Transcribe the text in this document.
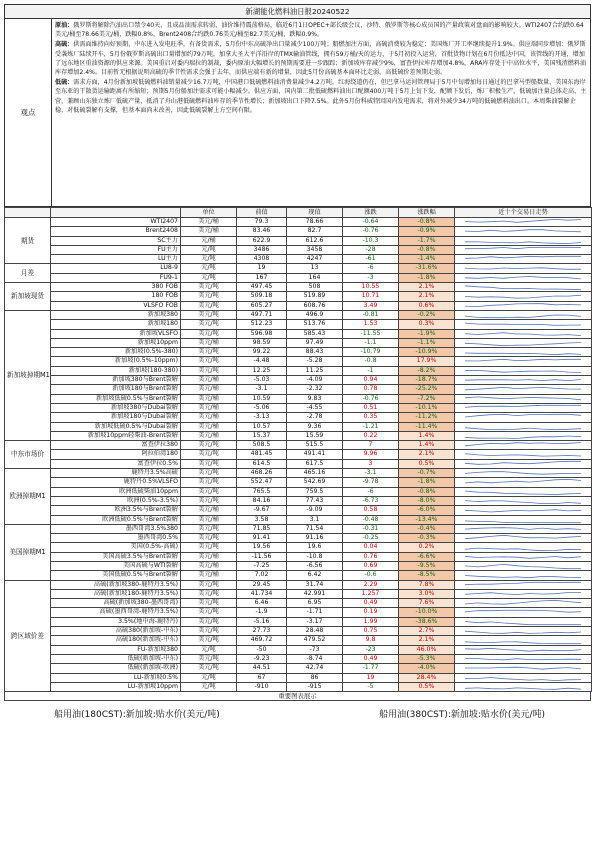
新湖能化燃料油日报20240522
观点

原油：俄罗斯将解除汽油出口禁令40天，且成品油需求转弱，油价维持震荡格局，临近6月1日OPEC+部长级会议，沙特、俄罗斯等核心成员国的产量政策对盘面的影响较大。WTI2407合约跌0.64美元/桶至78.66美元/桶，跌幅0.8%，Brent2408合约跌0.76美元/桶至82.7美元/桶，跌幅0.9%。

高硫：供需面维持向好预期，中东进入发电旺季，有备货需求，5月份中东高硫净出口量减少100万吨；船燃加注方面，高硫消费较为稳定；美国炼厂开工率继续提升1.9%。供应端同步增加：俄罗斯受袭炼厂陆续开车，5月份俄罗斯高硫出口量增加约79万吨。加拿大圣大平洋沿岸的TMX输油管线，拥有59万桶/天的运力，于5月初投入运营，首批货物计划在6月份抵达中国，该管线的开通，增加了远东地区重油资源的供应来源。美国重启对委内瑞拉的制裁，委内原油大幅增长的预期需要进一步跟踪；新加坡库存减少9%，富查伊拉库存增加4.8%，ARA库存处于中高位水平，美国残渣燃料油库存增加2.4%。目前暂无根据说明高硫的季节性需求会强于去年，而供应端有新的增量，因此5月份高硫基本面环比走弱，高低硫价差预期走弱。

低硫：需求方面，4月份新加坡低硫燃料油销量减少16.7万吨，中国港口低硫燃料油消费量减少4.2万吨，红海绕道仍在，但巴拿马运河管理局于5月中旬增加每日通过的巴拿马型船数量，美国东海岸至东亚的干散货运输距离有所缩短；预期5月份船加注需求可能小幅减少。供应方面，国内第二批低硫燃料油出口配额400万吨于5月上旬下发，配额下发后，炼厂积极生产，低硫加注量总体走高，主营，兼顾山东独立炼厂低硫产量，抵消了舟山港低硫燃料油库存的季节性增长；新加坡出口下降7.5%。此外5月份科威特因国内发电需求，将对外减少34万吨的低硫燃料油出口。本周柴油裂解企稳，对低硫裂解有支撑，但基本面尚未改善，因此低硫裂解上方空间有限。

		单位	前值	现值	涨跌	涨跌幅	近十个交易日走势
期货	WTI2407	美元/桶	79.3	78.66	-0.64	-0.8%	

	Brent2408	美元/桶	83.46	82.7	-0.76	-0.9%	

	SC主力	元/桶	622.9	612.6	-10.3	-1.7%	

	FU主力	元/吨	3486	3458	-28	-0.8%	

	LU主力	元/吨	4308	4247	-61	-1.4%	

月差	LU8-9	元/吨	19	13	-6	-31.6%	

	FU9-1	元/吨	167	164	-3	-1.8%	

新加坡现货	380 FOB	美元/吨	497.45	508	10.55	2.1%	

	180 FOB	美元/吨	509.18	519.89	10.71	2.1%	

	VLSFO FOB	美元/吨	605.27	608.76	3.49	0.6%	

新加坡掉期M1	新加坡380	美元/吨	497.71	496.9	-0.81	-0.2%	

	新加坡180	美元/吨	512.23	513.76	1.53	0.3%	

	新加坡VLSFO	美元/吨	596.98	585.43	-11.55	-1.9%	

	新加坡10ppm	美元/桶	98.59	97.49	-1.1	-1.1%	

	新加坡(0.5%-380)	美元/吨	99.22	88.43	-10.79	-10.9%	

	新加坡(0.5%-10ppm)	美元/吨	-4.48	-5.28	-0.8	17.9%	

	新加坡(180-380)	美元/吨	12.25	11.25	-1	-8.2%	

	新加坡380与Brent裂解	美元/桶	-5.03	-4.09	0.94	-18.7%	

	新加坡180与Brent裂解	美元/桶	-3.1	-2.32	0.78	-25.2%	

	新加坡低硫0.5%与Brent裂解	美元/桶	10.59	9.83	-0.76	-7.2%	

	新加坡380与Dubai裂解	美元/桶	-5.06	-4.55	0.51	-10.1%	

	新加坡180与Dubai裂解	美元/桶	-3.13	-2.78	0.35	-11.2%	

	新加坡低硫0.5%与Dubai裂解	美元/桶	10.57	9.36	-1.21	-11.4%	

	新加坡10ppm轻柴油-Brent裂解	美元/桶	15.37	15.59	0.22	1.4%	

中东市场价	富查伊拉380	美元/吨	508.5	515.5	7	1.4%	

	阿拉伯湾180	美元/吨	481.45	491.41	9.96	2.1%	

	富查伊拉0.5%	美元/吨	614.5	617.5	3	0.5%	

欧洲掉期M1	鹿特丹3.5%高硫	美元/吨	468.26	465.16	-3.1	-0.7%	

	鹿特丹0.5%VLSFO	美元/吨	552.47	542.69	-9.78	-1.8%	

	欧洲低硫柴油10ppm	美元/吨	765.5	759.5	-6	-0.8%	

	欧洲(0.5%-3.5%)	美元/吨	84.16	77.43	-6.73	-8.0%	

	欧洲3.5%与Brent裂解	美元/桶	-9.67	-9.09	0.58	-6.0%	

	欧洲低硫0.5%与Brent裂解	美元/桶	3.58	3.1	-0.48	-13.4%	

美国掉期M1	墨西哥湾3.5%380	美元/吨	71.85	71.54	-0.31	-0.4%	

	墨西哥湾0.5%	美元/吨	91.41	91.16	-0.25	-0.3%	

	美国(0.5%-高硫)	美元/吨	19.56	19.6	0.04	0.2%	

	美国高硫3.5%与Brent裂解	美元/桶	-11.56	-10.8	0.76	-6.6%	

	美国高硫与WTI裂解	美元/桶	-7.25	-6.56	0.69	-9.5%	

	美国低硫0.5%与Brent裂解	美元/桶	7.02	6.42	-0.6	-8.5%	

跨区域价差	高硫(新加坡380-鹿特丹3.5%)	美元/吨	29.45	31.74	2.29	7.8%	

	高硫(新加坡180-鹿特丹3.5%)	美元/吨	41.734	42.991	1.257	3.0%	

	高硫(新加坡380-墨西哥湾)	美元/吨	6.46	6.95	0.49	7.6%	

	高硫(墨西哥湾-鹿特丹3.5%)	美元/吨	-1.9	-1.71	0.19	-10.0%	

	3.5%(地中海-鹿特丹)	美元/吨	-5.16	-3.17	1.99	-38.6%	

	高硫380(新加坡-中东)	美元/吨	27.73	28.48	0.75	2.7%	

	高硫180(新加坡-中东)	美元/吨	469.72	479.52	9.8	2.1%	

	FU-新加坡380	元/吨	-50	-73	-23	46.0%	

	低硫(新加坡-中东)	美元/吨	-9.23	-8.74	0.49	-5.3%	

	低硫(新加坡-欧洲)	美元/吨	44.51	42.74	-1.77	-4.0%	

	LU-新加坡0.5%	元/吨	67	86	19	28.4%	

	LU-新加坡10ppm	元/吨	-910	-915	-5	0.5%	
重要图表展示
船用油(180CST):新加坡:贴水价(美元/吨)	船用油(380CST):新加坡:贴水价(美元/吨)
